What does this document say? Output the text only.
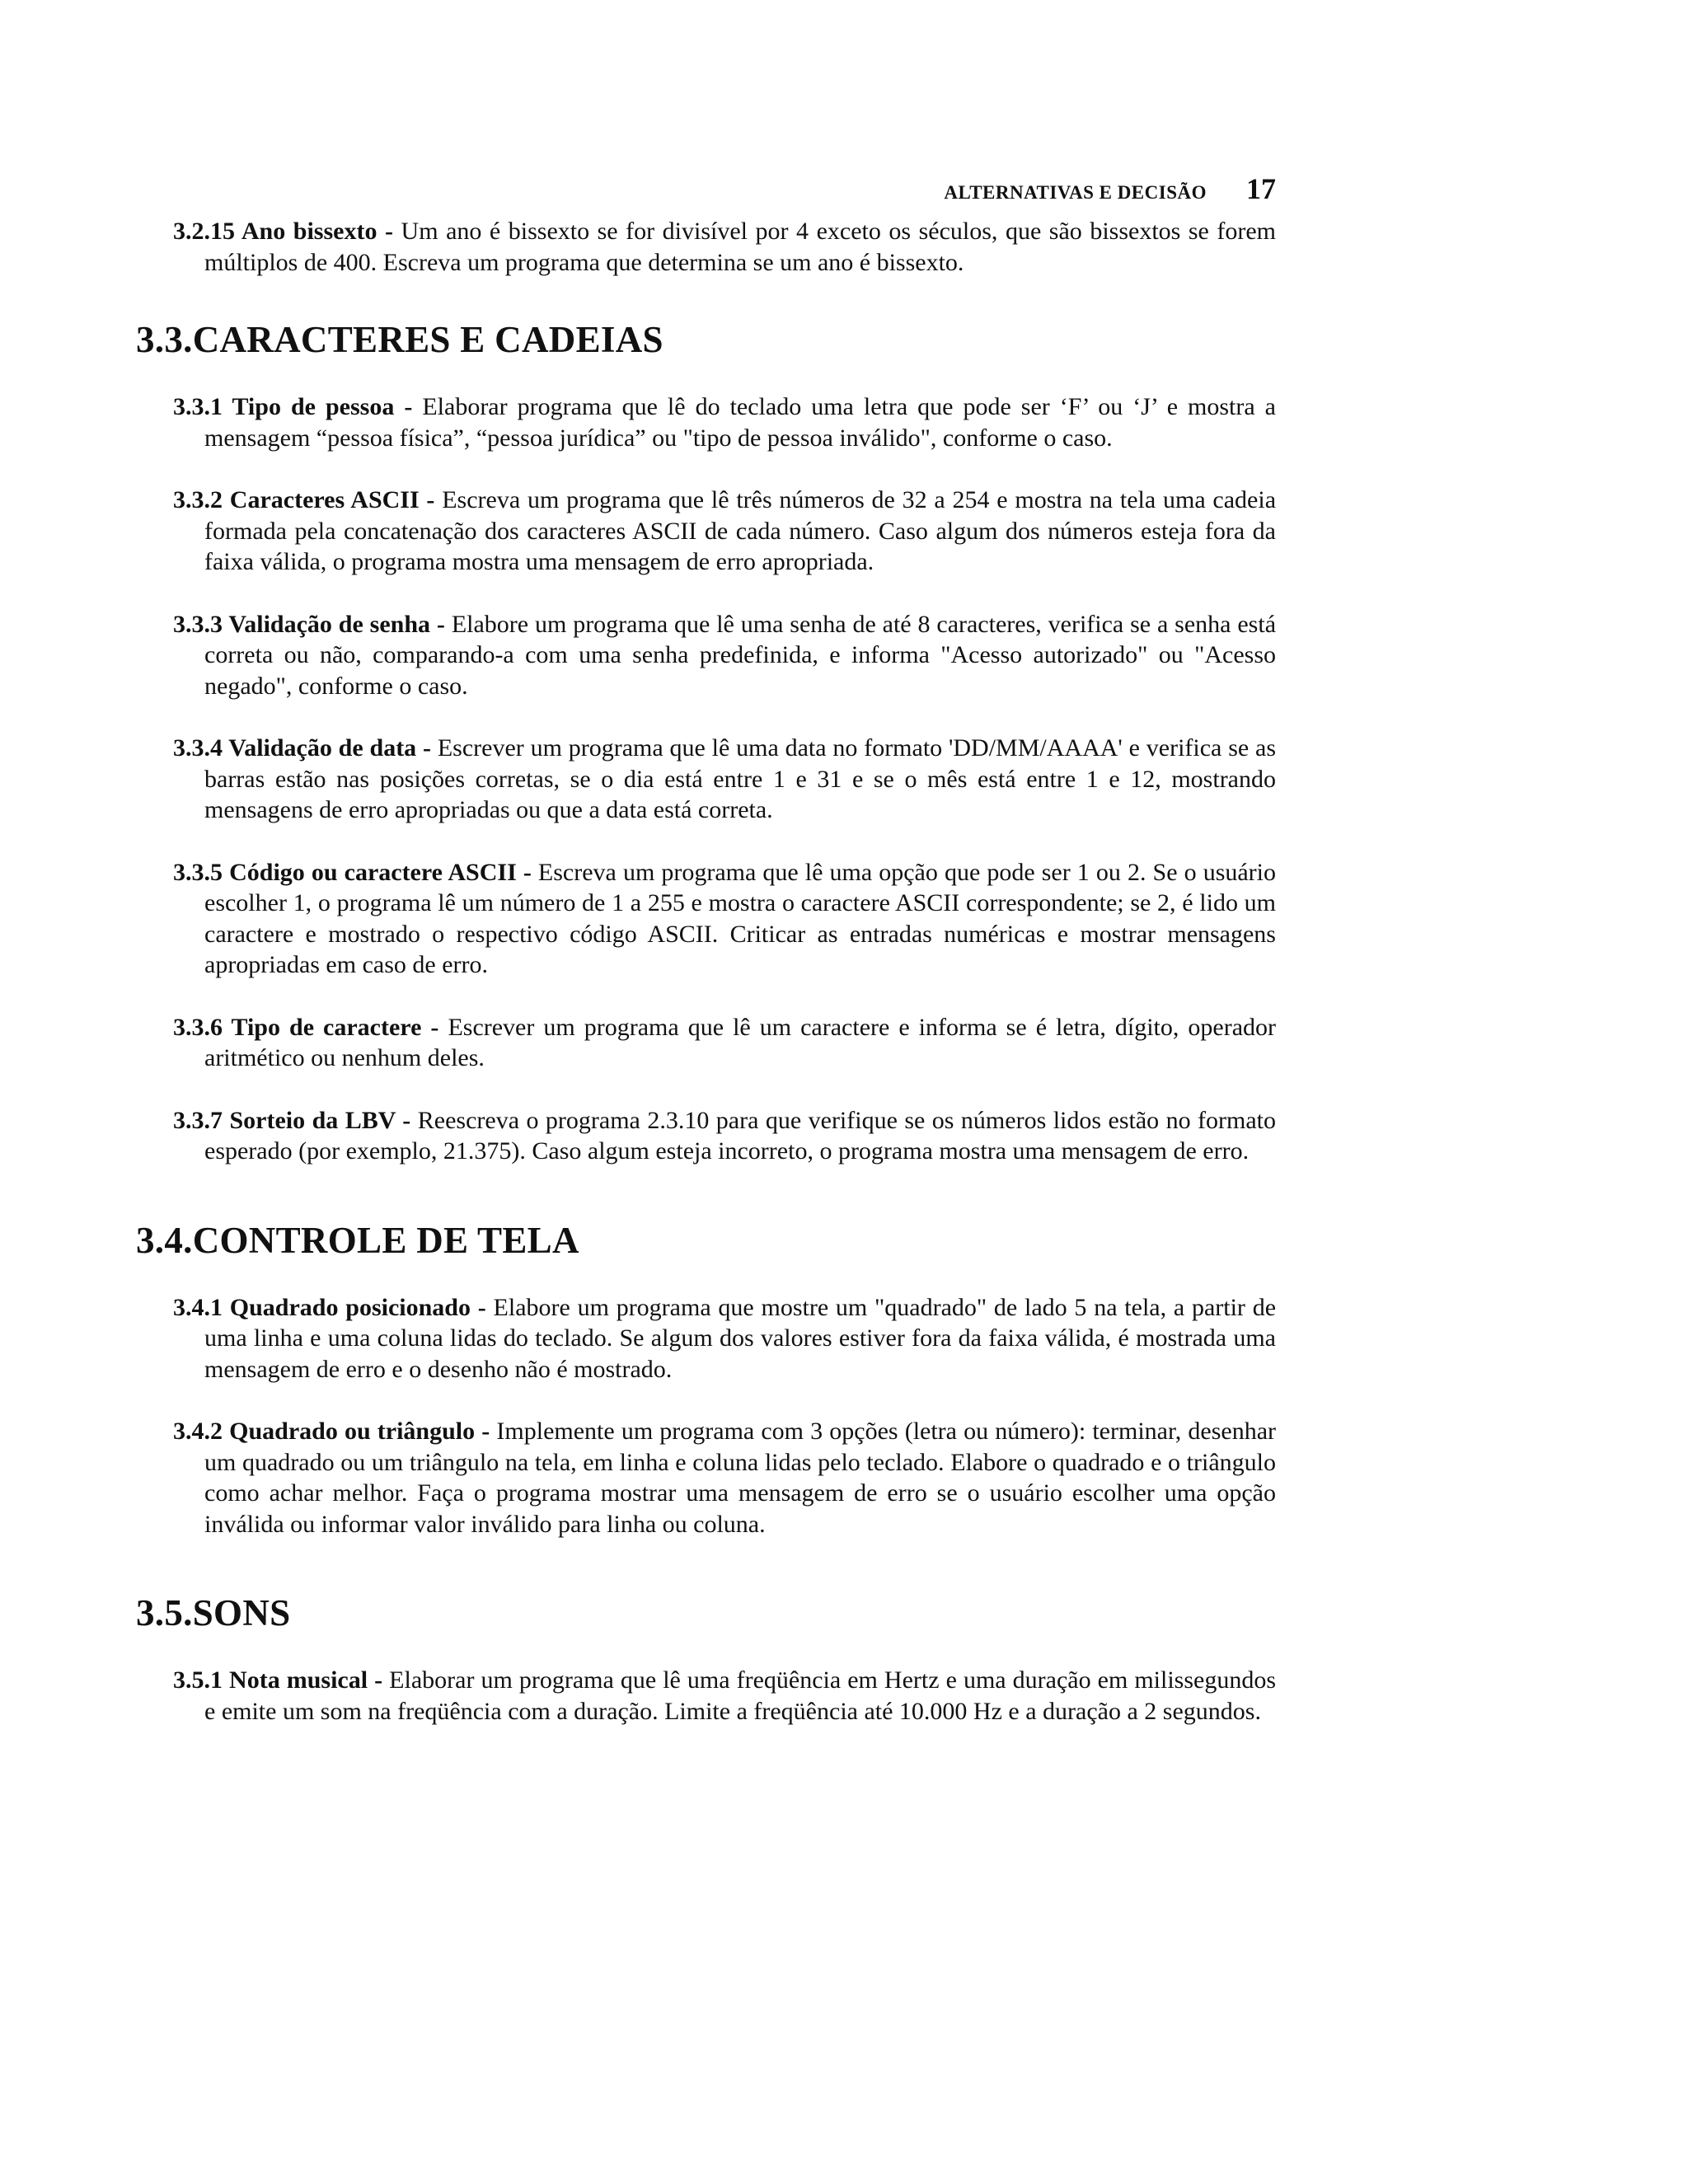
ALTERNATIVAS E DECISÃO 17

3.2.15 Ano bissexto - Um ano é bissexto se for divisível por 4 exceto os séculos, que são bissextos se forem múltiplos de 400. Escreva um programa que determina se um ano é bissexto.

3.3.CARACTERES E CADEIAS

3.3.1 Tipo de pessoa - Elaborar programa que lê do teclado uma letra que pode ser ‘F’ ou ‘J’ e mostra a mensagem “pessoa física”, “pessoa jurídica” ou "tipo de pessoa inválido", conforme o caso.

3.3.2 Caracteres ASCII - Escreva um programa que lê três números de 32 a 254 e mostra na tela uma cadeia formada pela concatenação dos caracteres ASCII de cada número. Caso algum dos números esteja fora da faixa válida, o programa mostra uma mensagem de erro apropriada.

3.3.3 Validação de senha - Elabore um programa que lê uma senha de até 8 caracteres, verifica se a senha está correta ou não, comparando-a com uma senha predefinida, e informa "Acesso autorizado" ou "Acesso negado", conforme o caso.

3.3.4 Validação de data - Escrever um programa que lê uma data no formato 'DD/MM/AAAA' e verifica se as barras estão nas posições corretas, se o dia está entre 1 e 31 e se o mês está entre 1 e 12, mostrando mensagens de erro apropriadas ou que a data está correta.

3.3.5 Código ou caractere ASCII - Escreva um programa que lê uma opção que pode ser 1 ou 2. Se o usuário escolher 1, o programa lê um número de 1 a 255 e mostra o caractere ASCII correspondente; se 2, é lido um caractere e mostrado o respectivo código ASCII. Criticar as entradas numéricas e mostrar mensagens apropriadas em caso de erro.

3.3.6 Tipo de caractere - Escrever um programa que lê um caractere e informa se é letra, dígito, operador aritmético ou nenhum deles.

3.3.7 Sorteio da LBV - Reescreva o programa 2.3.10 para que verifique se os números lidos estão no formato esperado (por exemplo, 21.375). Caso algum esteja incorreto, o programa mostra uma mensagem de erro.

3.4.CONTROLE DE TELA

3.4.1 Quadrado posicionado - Elabore um programa que mostre um "quadrado" de lado 5 na tela, a partir de uma linha e uma coluna lidas do teclado. Se algum dos valores estiver fora da faixa válida, é mostrada uma mensagem de erro e o desenho não é mostrado.

3.4.2 Quadrado ou triângulo - Implemente um programa com 3 opções (letra ou número): terminar, desenhar um quadrado ou um triângulo na tela, em linha e coluna lidas pelo teclado. Elabore o quadrado e o triângulo como achar melhor. Faça o programa mostrar uma mensagem de erro se o usuário escolher uma opção inválida ou informar valor inválido para linha ou coluna.

3.5.SONS

3.5.1 Nota musical - Elaborar um programa que lê uma freqüência em Hertz e uma duração em milissegundos e emite um som na freqüência com a duração. Limite a freqüência até 10.000 Hz e a duração a 2 segundos.
